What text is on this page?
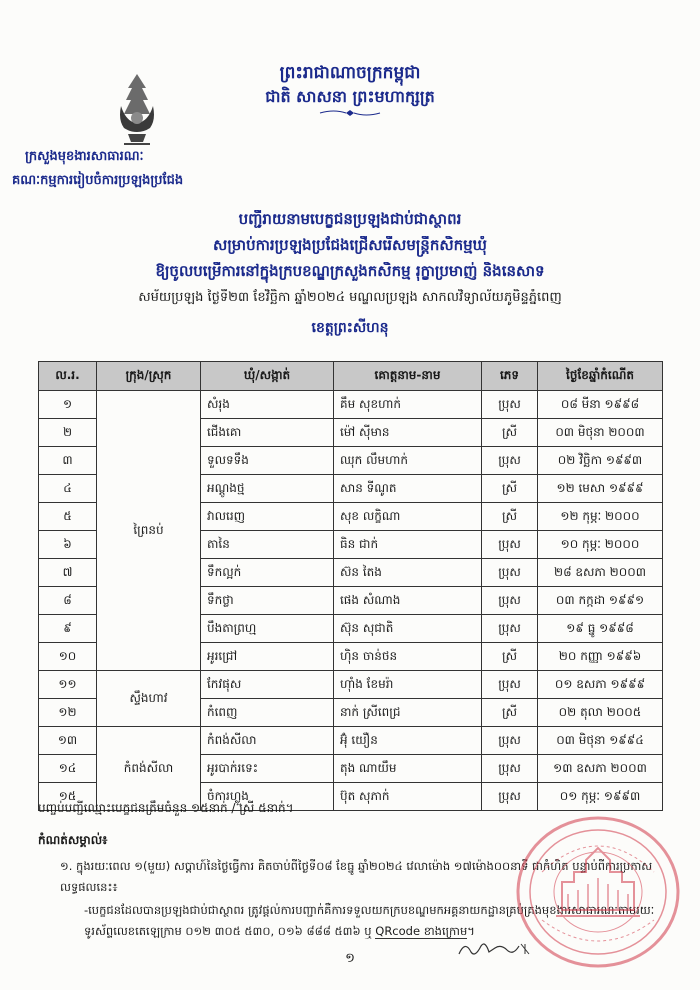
ព្រះរាជាណាចក្រកម្ពុជា
ជាតិ សាសនា ព្រះមហាក្សត្រ
ក្រសួងមុខងារសាធារណៈ
គណៈកម្មការរៀបចំការប្រឡងប្រជែង
បញ្ជីរាយនាមបេក្ខជនប្រឡងជាប់ជាស្ថាពរ
សម្រាប់ការប្រឡងប្រជែងជ្រើសរើសមន្ត្រីកសិកម្មឃុំ
ឱ្យចូលបម្រើការនៅក្នុងក្របខណ្ឌក្រសួងកសិកម្ម រុក្ខាប្រមាញ់ និងនេសាទ
សម័យប្រឡង ថ្ងៃទី២៣ ខែវិច្ឆិកា ឆ្នាំ២០២៤ មណ្ឌលប្រឡង សាកលវិទ្យាល័យភូមិន្ទភ្នំពេញ
ខេត្តព្រះសីហនុ
ល.រ.	ក្រុង/ស្រុក	ឃុំ/សង្កាត់	គោត្តនាម-នាម	ភេទ	ថ្ងៃខែឆ្នាំកំណើត
១	ព្រៃនប់	សំរុង	គឹម សុខហាក់	ប្រុស	០៨ មីនា ១៩៩៨
២		ជើងគោ	ម៉ៅ ស៊ីមាន	ស្រី	០៣ មិថុនា ២០០៣
៣		ទួលទទឹង	ឈុក លឹមហាក់	ប្រុស	០២ វិច្ឆិកា ១៩៩៣
៤		អណ្ដូងថ្ម	សាន ទីណូត	ស្រី	១២ មេសា ១៩៩៩
៥		វាលរេញ	សុខ លក្ខិណា	ស្រី	១២ កុម្ភៈ ២០០០
៦		តានៃ	ធិន ជាក់	ប្រុស	១០ កុម្ភៈ ២០០០
៧		ទឹកល្អក់	ស៊ន តៃង	ប្រុស	២៨ ឧសភា ២០០៣
៨		ទឹកថ្លា	ផេង សំណាង	ប្រុស	០៣ កក្កដា ១៩៩១
៩		បឹងតាព្រហ្ម	ស៊ុន សុជាតិ	ប្រុស	១៩ ធ្នូ ១៩៩៨
១០		អូរជ្រៅ	ហ៊ិន ចាន់ថន	ស្រី	២០ កញ្ញា ១៩៩៦
១១	ស្ទឹងហាវ	កែវផុស	ហ៊ាំង ខែមរ៉ា	ប្រុស	០១ ឧសភា ១៩៩៩
១២		កំពេញ	នាក់ ស្រីពេជ្រ	ស្រី	០២ តុលា ២០០៥
១៣	កំពង់សីលា	កំពង់សីលា	អ៊ុំ យឿន	ប្រុស	០៣ មិថុនា ១៩៩៤
១៤		អូរបាក់រទេះ	តុង ណាយឹម	ប្រុស	១៣ ឧសភា ២០០៣
១៥		ចំការហ្លួង	ប៊ុត សុភាក់	ប្រុស	០១ កុម្ភៈ ១៩៩៣
បញ្ចប់បញ្ជីឈ្មោះបេក្ខជនត្រឹមចំនួន ១៥នាក់ / ស្រី ៥នាក់។
កំណត់សម្គាល់៖
១. ក្នុងរយៈពេល ១(មួយ) សប្ដាហ៍នៃថ្ងៃធ្វើការ គិតចាប់ពីថ្ងៃទី០៨ ខែធ្នូ ឆ្នាំ២០២៤ វេលាម៉ោង ១៧ម៉ោង០០នាទី ជាកំហិត បន្ទាប់ពីការប្រកាសលទ្ធផលនេះ៖
-បេក្ខជនដែលបានប្រឡងជាប់ជាស្ថាពរ ត្រូវផ្ដល់ការបញ្ជាក់គឺការទទួលយកក្របខណ្ឌមកអគ្គនាយកដ្ឋានគ្រប់គ្រងមុខងារសាធារណៈតាមរយៈទូរស័ព្ទលេខតេឡេក្រាម ០១២ ៣០៥ ៥៣០, ០១៦ ៨៨៨ ៥៣៦ ឬ QRcode ខាងក្រោម។
១
